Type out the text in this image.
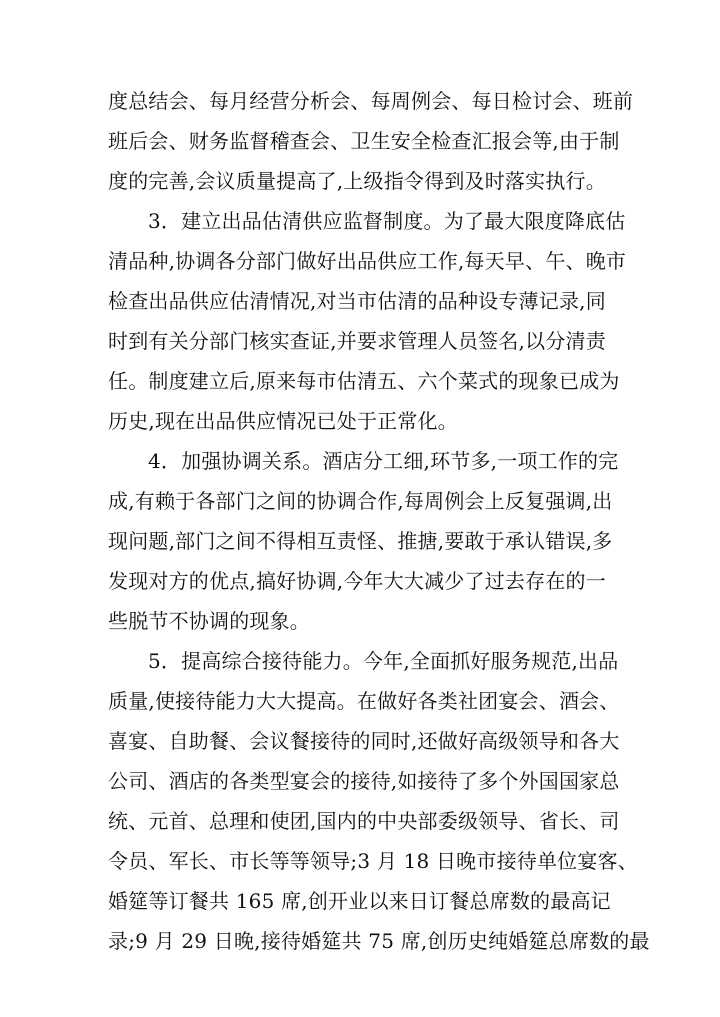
度总结会、每月经营分析会、每周例会、每日检讨会、班前
班后会、财务监督稽查会、卫生安全检查汇报会等,由于制
度的完善,会议质量提高了,上级指令得到及时落实执行。
3．建立出品估清供应监督制度。为了最大限度降底估
清品种,协调各分部门做好出品供应工作,每天早、午、晚市
检查出品供应估清情况,对当市估清的品种设专薄记录,同
时到有关分部门核实查证,并要求管理人员签名,以分清责
任。制度建立后,原来每市估清五、六个菜式的现象已成为
历史,现在出品供应情况已处于正常化。
4．加强协调关系。酒店分工细,环节多,一项工作的完
成,有赖于各部门之间的协调合作,每周例会上反复强调,出
现问题,部门之间不得相互责怪、推搪,要敢于承认错误,多
发现对方的优点,搞好协调,今年大大减少了过去存在的一
些脱节不协调的现象。
5．提高综合接待能力。今年,全面抓好服务规范,出品
质量,使接待能力大大提高。在做好各类社团宴会、酒会、
喜宴、自助餐、会议餐接待的同时,还做好高级领导和各大
公司、酒店的各类型宴会的接待,如接待了多个外国国家总
统、元首、总理和使团,国内的中央部委级领导、省长、司
令员、军长、市长等等领导;3 月 18 日晚市接待单位宴客、
婚筵等订餐共 165 席,创开业以来日订餐总席数的最高记
录;9 月 29 日晚,接待婚筵共 75 席,创历史纯婚筵总席数的最
